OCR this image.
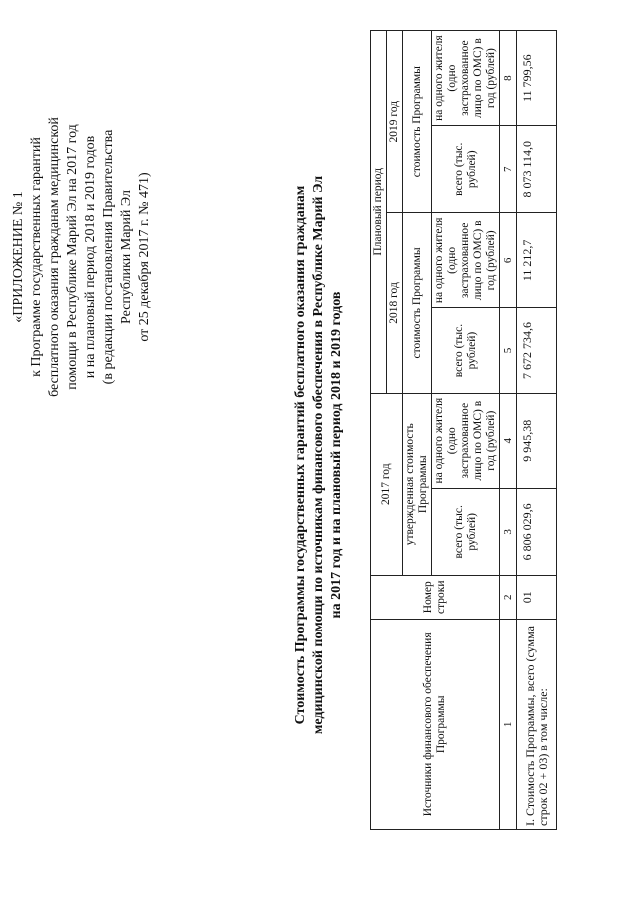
«ПРИЛОЖЕНИЕ № 1 к Программе государственных гарантий бесплатного оказания гражданам медицинской помощи в Республике Марий Эл на 2017 год и на плановый период 2018 и 2019 годов (в редакции постановления Правительства Республики Марий Эл от 25 декабря 2017 г. № 471)	Стоимость Программы государственных гарантий бесплатного оказания гражданам медицинской помощи по источникам финансового обеспечения в Республике Марий Эл на 2017 год и на плановый период 2018 и 2019 годов
Источники финансового обеспечения Программы	Номер строки	2017 год		Плановый период			
				2018 год		2019 год	
		утвержденная стоимость Программы		стоимость Программы		стоимость Программы	
		всего (тыс. рублей)	на одного жителя (одно застрахованное лицо по ОМС) в год (рублей)	всего (тыс. рублей)	на одного жителя (одно застрахованное лицо по ОМС) в год (рублей)	всего (тыс. рублей)	на одного жителя (одно застрахованное лицо по ОМС) в год (рублей)
1	2	3	4	5	6	7	8
I. Стоимость Программы, всего (сумма строк 02 + 03) в том числе:	01	6 806 029,6	9 945,38	7 672 734,6	11 212,7	8 073 114,0	11 799,56
